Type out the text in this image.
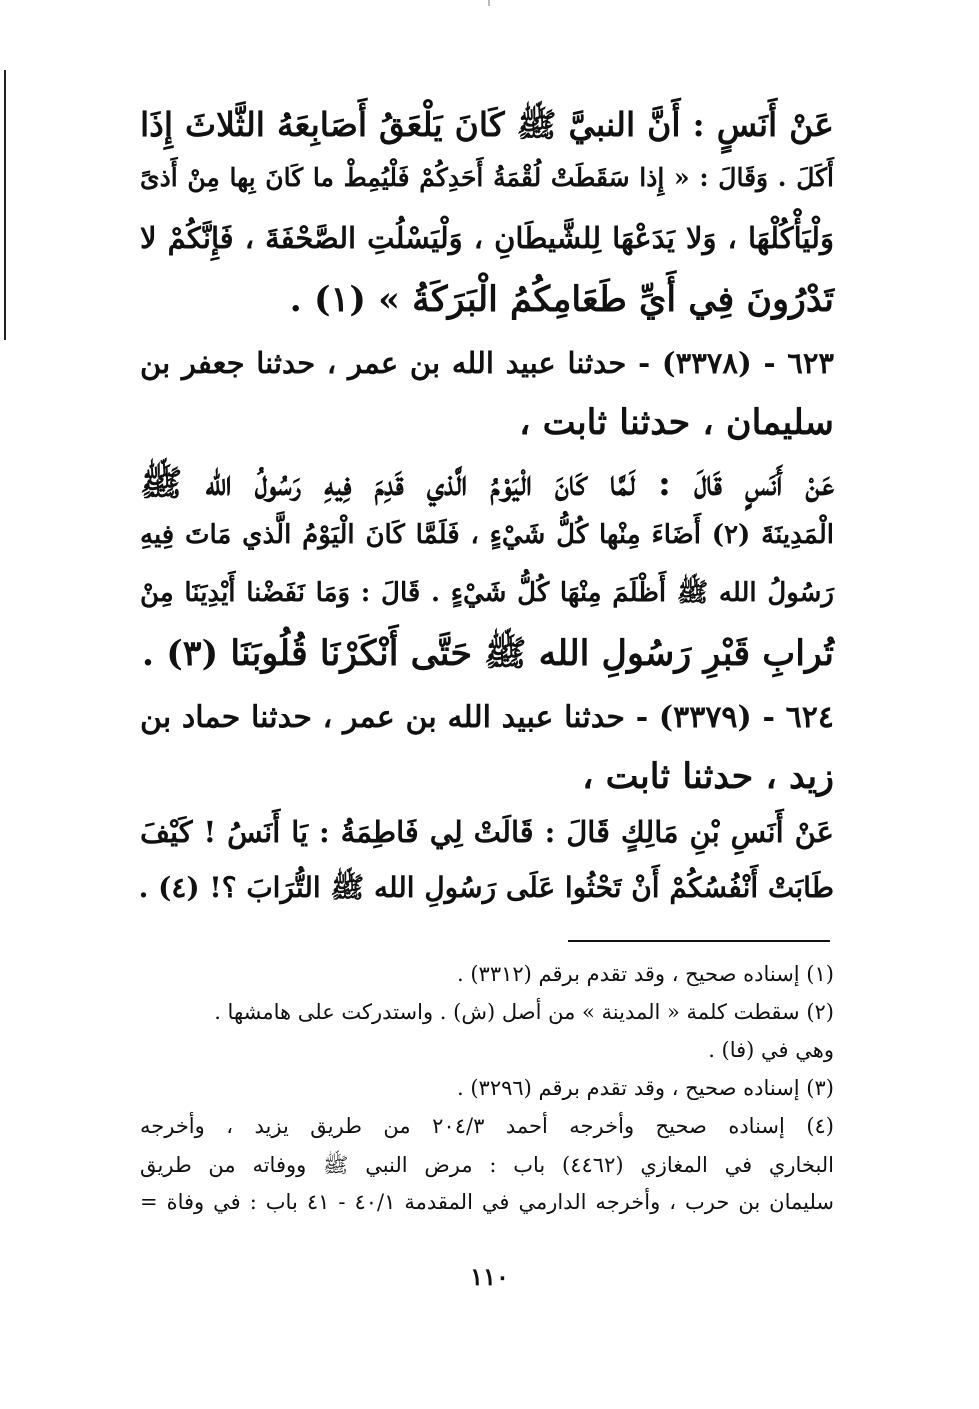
عَنْ أَنَسٍ : أَنَّ النبيَّ ﷺ كَانَ يَلْعَقُ أَصَابِعَهُ الثَّلاثَ إِذَا
أَكَلَ . وَقَالَ : « إِذا سَقَطَتْ لُقْمَةُ أَحَدِكُمْ فَلْيُمِطْ ما كَانَ بِها مِنْ أَذىً
وَلْيَأْكُلْهَا ، وَلا يَدَعْهَا لِلشَّيطَانِ ، وَلْيَسْلُتِ الصَّحْفَةَ ، فَإِنَّكُمْ لا
تَدْرُونَ فِي أَيِّ طَعَامِكُمُ الْبَرَكَةُ » (١) .
٦٢٣ - (٣٣٧٨) - حدثنا عبيد الله بن عمر ، حدثنا جعفر بن
سليمان ، حدثنا ثابت ،
عَنْ أَنَسٍ قَالَ : لَمَّا كَانَ الْيَوْمُ الَّذي قَدِمَ فِيهِ رَسُولُ الله ﷺ
الْمَدِينَةَ (٢) أَضَاءَ مِنْها كُلُّ شَيْءٍ ، فَلَمَّا كَانَ الْيَوْمُ الَّذي مَاتَ فِيهِ
رَسُولُ الله ﷺ أَظْلَمَ مِنْهَا كُلُّ شَيْءٍ . قَالَ : وَمَا نَفَضْنا أَيْدِيَنَا مِنْ
تُرابِ قَبْرِ رَسُولِ الله ﷺ حَتَّى أَنْكَرْنَا قُلُوبَنَا (٣) .
٦٢٤ - (٣٣٧٩) - حدثنا عبيد الله بن عمر ، حدثنا حماد بن
زيد ، حدثنا ثابت ،
عَنْ أَنَسِ بْنِ مَالِكٍ قَالَ : قَالَتْ لِي فَاطِمَةُ : يَا أَنَسُ ! كَيْفَ
طَابَتْ أَنْفُسُكُمْ أَنْ تَحْثُوا عَلَى رَسُولِ الله ﷺ التُّرَابَ ؟! (٤) .
(١) إسناده صحيح ، وقد تقدم برقم (٣٣١٢) .
(٢) سقطت كلمة « المدينة » من أصل (ش) . واستدركت على هامشها .
وهي في (فا) .
(٣) إسناده صحيح ، وقد تقدم برقم (٣٢٩٦) .
(٤) إسناده صحيح وأخرجه أحمد ٢٠٤/٣ من طريق يزيد ، وأخرجه
البخاري في المغازي (٤٤٦٢) باب : مرض النبي ﷺ ووفاته من طريق
سليمان بن حرب ، وأخرجه الدارمي في المقدمة ٤٠/١ - ٤١ باب : في وفاة =
١١٠
